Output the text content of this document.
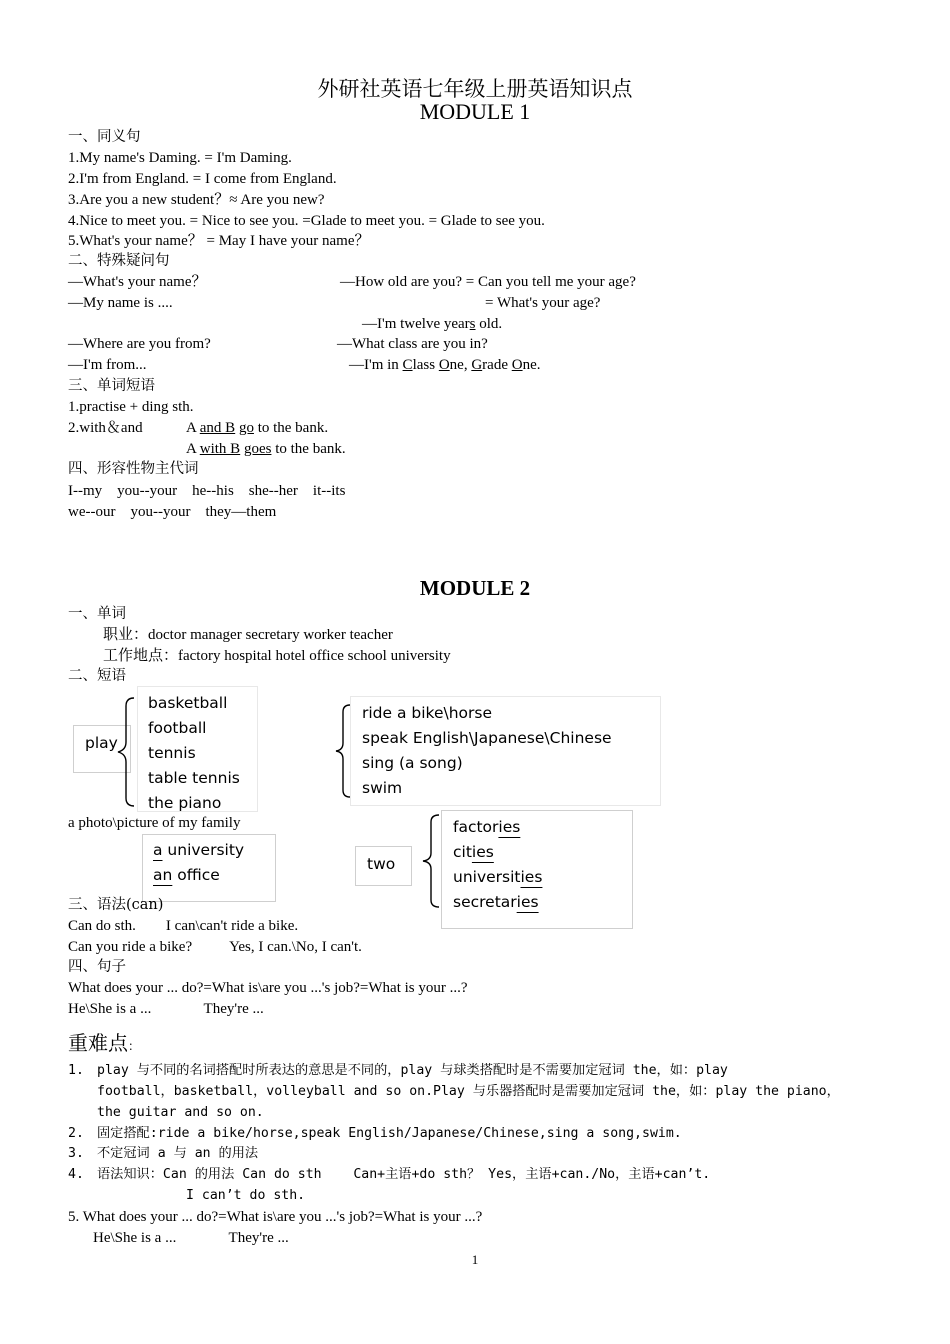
外研社英语七年级上册英语知识点
MODULE 1
一、同义句
1.My name's Daming. = I'm Daming.
2.I'm from England. = I come from England.
3.Are you a new student？≈ Are you new?
4.Nice to meet you. = Nice to see you. =Glade to meet you. = Glade to see you.
5.What's your name？ = May I have your name？
二、特殊疑问句
—What's your name？
—My name is ....
—How old are you? = Can you tell me your age?
= What's your age?
—I'm twelve years old.
—Where are you from?
—I'm from...
—What class are you in?
—I'm in Class One, Grade One.
三、单词短语
1.practise + ding sth.
2.with＆and	A and B go to the bank.
A with B goes to the bank.
四、形容性物主代词
I--my    you--your    he--his    she--her    it--its
we--our    you--your    they—them
MODULE 2
一、单词
职业：doctor manager secretary worker teacher
工作地点：factory hospital hotel office school university
二、短语
play
basketball
football
tennis
table tennis
the piano
ride a bike\horse
speak English\Japanese\Chinese
sing (a song)
swim
a photo\picture of my family
a university
an office
two
factories
cities
universities
secretaries
三、语法(can)
Can do sth.        I can\can't ride a bike.
Can you ride a bike?          Yes, I can.\No, I can't.
四、句子
What does your ... do?=What is\are you ...'s job?=What is your ...?
He\She is a ...              They're ...
重难点：
1. play 与不同的名词搭配时所表达的意思是不同的，play 与球类搭配时是不需要加定冠词 the，如：play
football，basketball，volleyball and so on.Play 与乐器搭配时是需要加定冠词 the，如：play the piano，
the guitar and so on.
2. 固定搭配:ride a bike/horse,speak English/Japanese/Chinese,sing a song,swim.
3. 不定冠词 a 与 an 的用法
4. 语法知识：Can 的用法 Can do sth    Can+主语+do sth？ Yes，主语+can./No，主语+can’t.
I can’t do sth.
5. What does your ... do?=What is\are you ...'s job?=What is your ...?
He\She is a ...              They're ...
1
